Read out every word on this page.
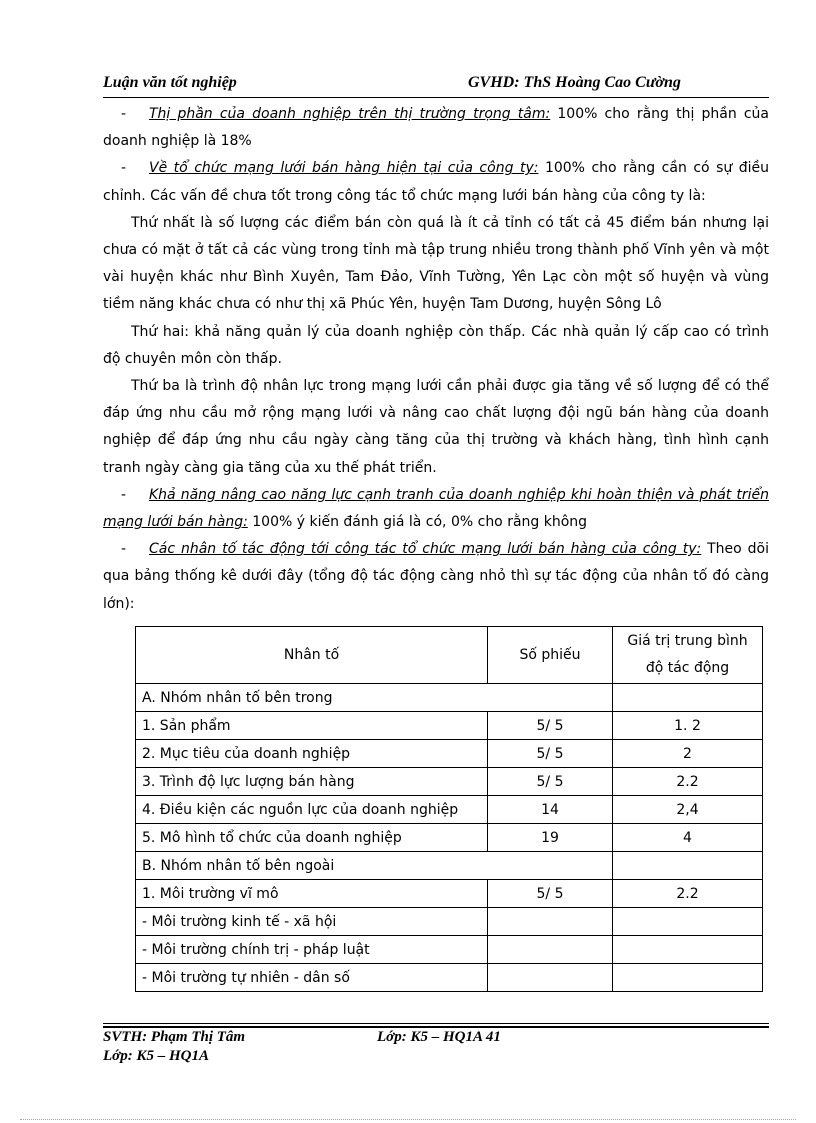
Luận văn tốt nghiệp	GVHD: ThS Hoàng Cao Cường

- Thị phần của doanh nghiệp trên thị trường trọng tâm: 100% cho rằng thị phần của doanh nghiệp là 18%

- Về tổ chức mạng lưới bán hàng hiện tại của công ty: 100% cho rằng cần có sự điều chỉnh. Các vấn đề chưa tốt trong công tác tổ chức mạng lưới bán hàng của công ty là:

Thứ nhất là số lượng các điểm bán còn quá là ít cả tỉnh có tất cả 45 điểm bán nhưng lại chưa có mặt ở tất cả các vùng trong tỉnh mà tập trung nhiều trong thành phố Vĩnh yên và một vài huyện khác như Bình Xuyên, Tam Đảo, Vĩnh Tường, Yên Lạc còn một số huyện và vùng tiềm năng khác chưa có như thị xã Phúc Yên, huyện Tam Dương, huyện Sông Lô

Thứ hai: khả năng quản lý của doanh nghiệp còn thấp. Các nhà quản lý cấp cao có trình độ chuyên môn còn thấp.

Thứ ba là trình độ nhân lực trong mạng lưới cần phải được gia tăng về số lượng để có thể đáp ứng nhu cầu mở rộng mạng lưới và nâng cao chất lượng đội ngũ bán hàng của doanh nghiệp để đáp ứng nhu cầu ngày càng tăng của thị trường và khách hàng, tình hình cạnh tranh ngày càng gia tăng của xu thế phát triển.

- Khả năng nâng cao năng lực cạnh tranh của doanh nghiệp khi hoàn thiện và phát triển mạng lưới bán hàng: 100% ý kiến đánh giá là có, 0% cho rằng không

- Các nhân tố tác động tới công tác tổ chức mạng lưới bán hàng của công ty: Theo dõi qua bảng thống kê dưới đây (tổng độ tác động càng nhỏ thì sự tác động của nhân tố đó càng lớn):

Nhân tố	Số phiếu	Giá trị trung bình độ tác động
A. Nhóm nhân tố bên trong		
1. Sản phẩm	5/ 5	1. 2
2. Mục tiêu của doanh nghiệp	5/ 5	2
3. Trình độ lực lượng bán hàng	5/ 5	2.2
4. Điều kiện các nguồn lực của doanh nghiệp	14	2,4
5. Mô hình tổ chức của doanh nghiệp	19	4
B. Nhóm nhân tố bên ngoài		
1. Môi trường vĩ mô	5/ 5	2.2
- Môi trường kinh tế - xã hội		
- Môi trường chính trị - pháp luật		
- Môi trường tự nhiên - dân số		
SVTH: Phạm Thị Tâm	Lớp: K5 – HQ1A 41
Lớp: K5 – HQ1A
